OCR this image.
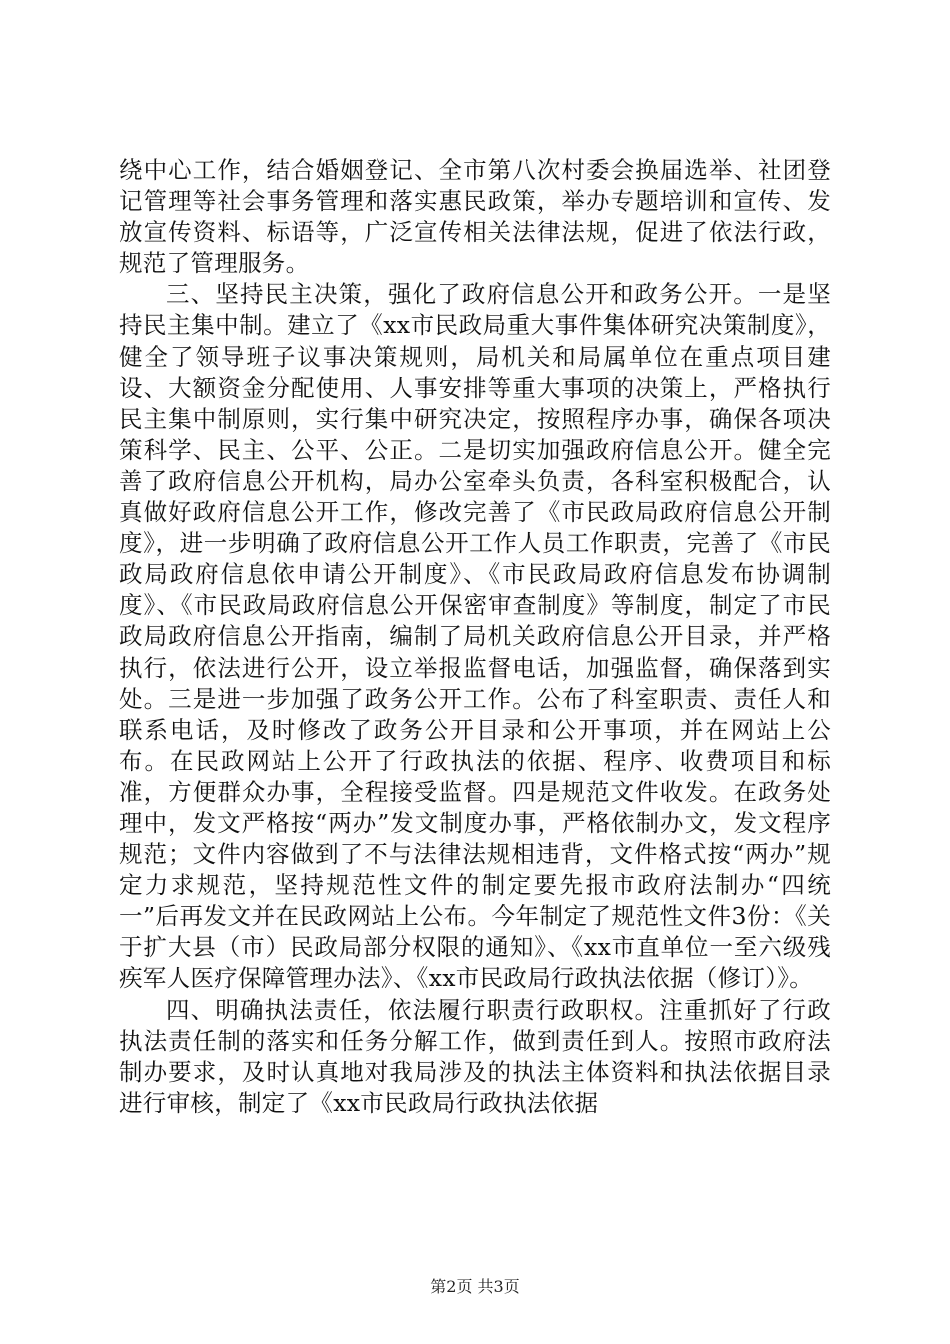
绕中心工作，结合婚姻登记、全市第八次村委会换届选举、社团登记管理等社会事务管理和落实惠民政策，举办专题培训和宣传、发放宣传资料、标语等，广泛宣传相关法律法规，促进了依法行政，规范了管理服务。

三、坚持民主决策，强化了政府信息公开和政务公开。一是坚持民主集中制。建立了《xx市民政局重大事件集体研究决策制度》，健全了领导班子议事决策规则，局机关和局属单位在重点项目建设、大额资金分配使用、人事安排等重大事项的决策上，严格执行民主集中制原则，实行集中研究决定，按照程序办事，确保各项决策科学、民主、公平、公正。二是切实加强政府信息公开。健全完善了政府信息公开机构，局办公室牵头负责，各科室积极配合，认真做好政府信息公开工作，修改完善了《市民政局政府信息公开制度》，进一步明确了政府信息公开工作人员工作职责，完善了《市民政局政府信息依申请公开制度》、《市民政局政府信息发布协调制度》、《市民政局政府信息公开保密审查制度》等制度，制定了市民政局政府信息公开指南，编制了局机关政府信息公开目录，并严格执行，依法进行公开，设立举报监督电话，加强监督，确保落到实处。三是进一步加强了政务公开工作。公布了科室职责、责任人和联系电话，及时修改了政务公开目录和公开事项，并在网站上公布。在民政网站上公开了行政执法的依据、程序、收费项目和标准，方便群众办事，全程接受监督。四是规范文件收发。在政务处理中，发文严格按“两办”发文制度办事，严格依制办文，发文程序规范；文件内容做到了不与法律法规相违背，文件格式按“两办”规定力求规范，坚持规范性文件的制定要先报市政府法制办“四统一”后再发文并在民政网站上公布。今年制定了规范性文件3份：《关于扩大县（市）民政局部分权限的通知》、《xx市直单位一至六级残疾军人医疗保障管理办法》、《xx市民政局行政执法依据（修订）》。

四、明确执法责任，依法履行职责行政职权。注重抓好了行政执法责任制的落实和任务分解工作，做到责任到人。按照市政府法制办要求，及时认真地对我局涉及的执法主体资料和执法依据目录进行审核，制定了《xx市民政局行政执法依据

第2页 共3页
